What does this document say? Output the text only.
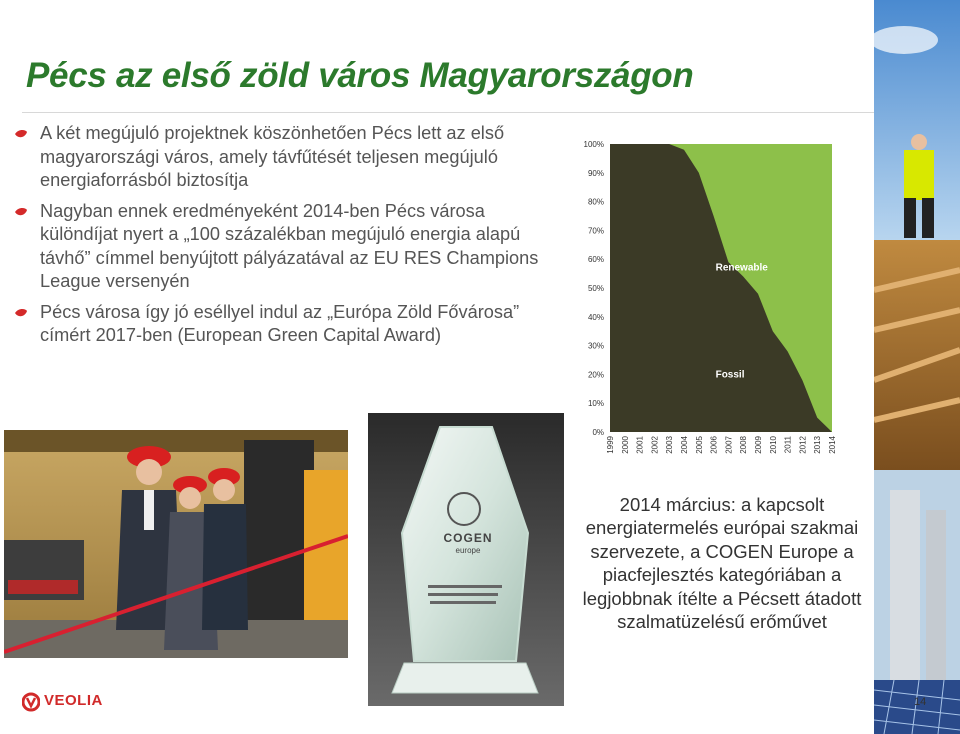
Pécs az első zöld város Magyarországon
A két megújuló projektnek köszönhetően Pécs lett az első magyarországi város, amely távfűtését teljesen megújuló energiaforrásból biztosítja
Nagyban ennek eredményeként 2014-ben Pécs városa különdíjat nyert a „100 százalékban megújuló energia alapú távhő” címmel benyújtott pályázatával az EU RES Champions League versenyén
Pécs városa így jó eséllyel indul az „Európa Zöld Fővárosa” címért 2017-ben (European Green Capital Award)
COGEN
europe
0%
10%
20%
30%
40%
50%
60%
70%
80%
90%
100%
1999 2000 2001 2002 2003 2004 2005 2006 2007 2008 2009 2010 2011 2012 2013 2014
Renewable
Fossil
2014 március: a kapcsolt energiatermelés európai szakmai szervezete, a COGEN Europe a piacfejlesztés kategóriában a legjobbnak ítélte a Pécsett átadott szalmatüzelésű erőművet
VEOLIA	14
